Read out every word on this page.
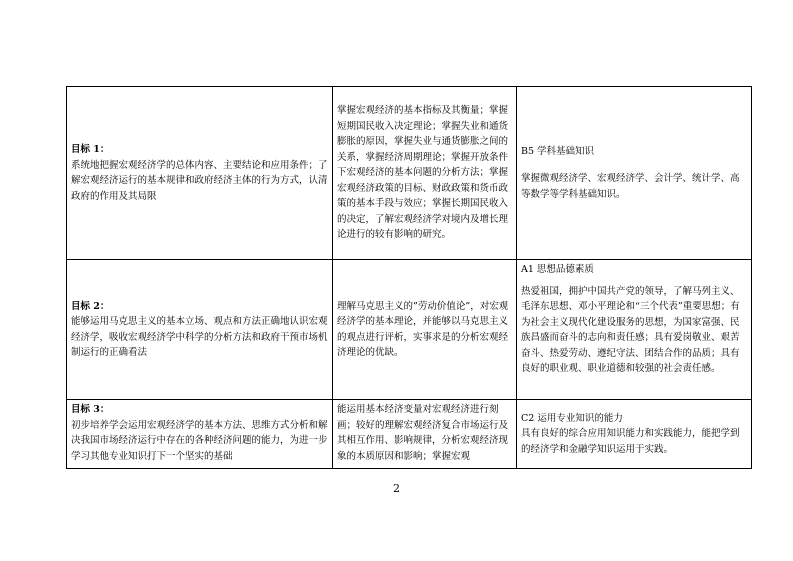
目标 1：
系统地把握宏观经济学的总体内容、主要结论和应用条件；了解宏观经济运行的基本规律和政府经济主体的行为方式，认清政府的作用及其局限	掌握宏观经济的基本指标及其衡量；掌握短期国民收入决定理论；掌握失业和通货膨胀的原因，掌握失业与通货膨胀之间的关系，掌握经济周期理论；掌握开放条件下宏观经济的基本问题的分析方法；掌握宏观经济政策的目标、财政政策和货币政策的基本手段与效应；掌握长期国民收入的决定，了解宏观经济学对境内及增长理论进行的较有影响的研究。	B5 学科基础知识
掌握微观经济学、宏观经济学、会计学、统计学、高等数学等学科基础知识。

目标 2：
能够运用马克思主义的基本立场、观点和方法正确地认识宏观经济学，吸收宏观经济学中科学的分析方法和政府干预市场机制运行的正确看法	理解马克思主义的”劳动价值论”，对宏观经济学的基本理论，并能够以马克思主义的观点进行评析，实事求是的分析宏观经济理论的优缺。	A1 思想品德素质
热爱祖国，拥护中国共产党的领导，了解马列主义、毛泽东思想、邓小平理论和“三个代表”重要思想；有为社会主义现代化建设服务的思想，为国家富强、民族昌盛而奋斗的志向和责任感；具有爱岗敬业、艰苦奋斗、热爱劳动、遵纪守法、团结合作的品质；具有良好的职业观、职业道德和较强的社会责任感。

目标 3：
初步培养学会运用宏观经济学的基本方法、思维方式分析和解决我国市场经济运行中存在的各种经济问题的能力，为进一步学习其他专业知识打下一个坚实的基础	能运用基本经济变量对宏观经济进行刻画；较好的理解宏观经济复合市场运行及其相互作用、影响规律，分析宏观经济现象的本质原因和影响；掌握宏观	C2 运用专业知识的能力
具有良好的综合应用知识能力和实践能力，能把学到的经济学和金融学知识运用于实践。
2
